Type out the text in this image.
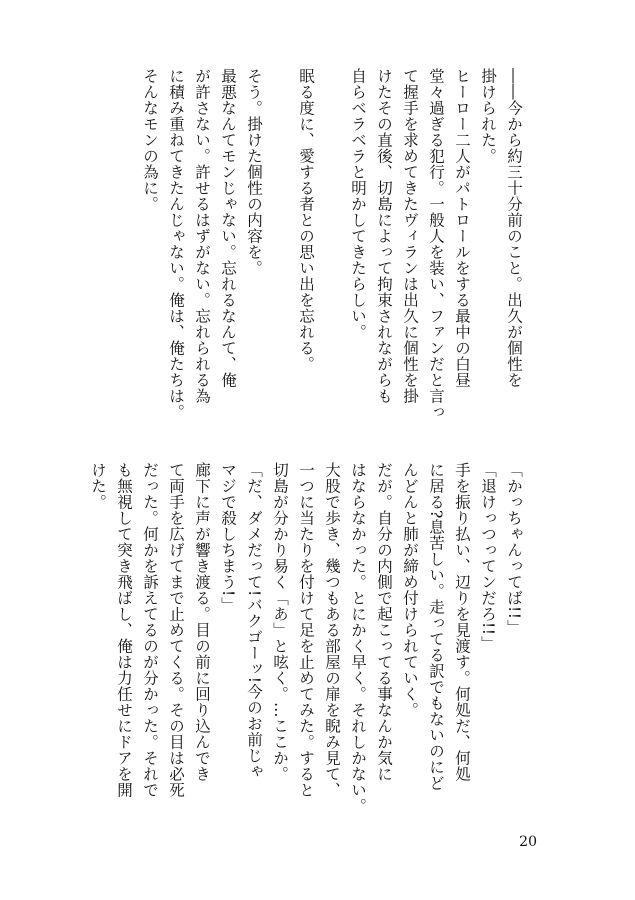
――今から約三十分前のこと。出久が個性を
掛けられた。
ヒーロー二人がパトロールをする最中の白昼
堂々過ぎる犯行。一般人を装い、ファンだと言っ
て握手を求めてきたヴィランは出久に個性を掛
けたその直後、切島によって拘束されながらも
自らベラベラと明かしてきたらしい。
眠る度に、愛する者との思い出を忘れる。
そう。掛けた個性の内容を。
最悪なんてモンじゃない。忘れるなんて、俺
が許さない。許せるはずがない。忘れられる為
に積み重ねてきたんじゃない。俺は、俺たちは。
そんなモンの為に。
「かっちゃんってば!!」
「退けっつってンだろ!!」
手を振り払い、辺りを見渡す。何処だ、何処
に居る?息苦しい。走ってる訳でもないのにど
んどんと肺が締め付けられていく。
だが。自分の内側で起こってる事なんか気に
はならなかった。とにかく早く。それしかない。
大股で歩き、幾つもある部屋の扉を睨み見て、
一つに当たりを付けて足を止めてみた。すると
切島が分かり易く「あ」と呟く。…ここか。
「だ、ダメだって!バクゴーッ!今のお前じゃ
マジで殺しちまう!」
廊下に声が響き渡る。目の前に回り込んでき
て両手を広げてまで止めてくる。その目は必死
だった。何かを訴えてるのが分かった。それで
も無視して突き飛ばし、俺は力任せにドアを開
けた。
20
